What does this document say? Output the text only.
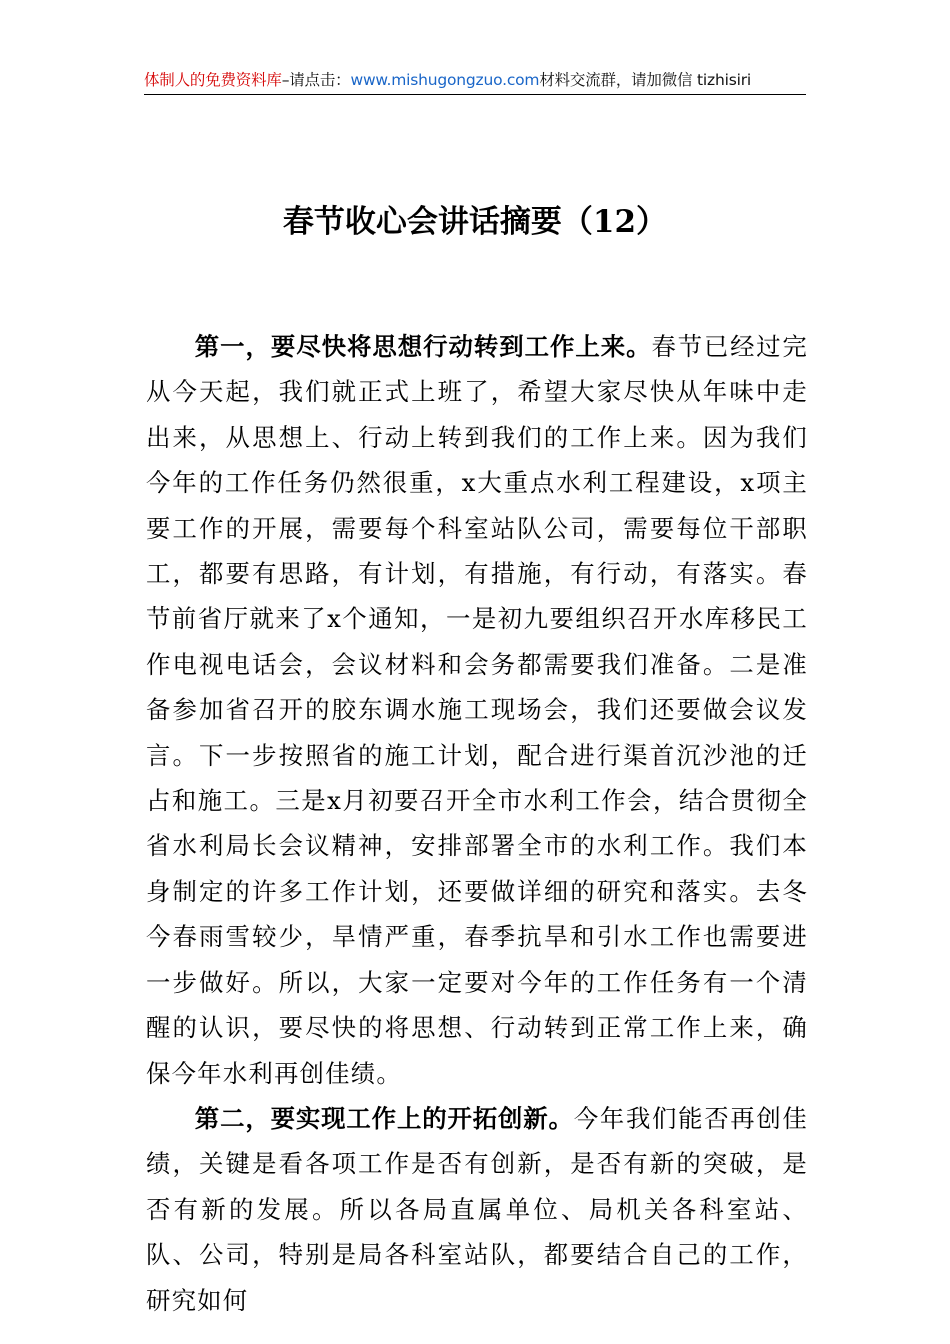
体制人的免费资料库–请点击：www.mishugongzuo.com材料交流群，请加微信 tizhisiri
春节收心会讲话摘要（12）

第一，要尽快将思想行动转到工作上来。春节已经过完从今天起，我们就正式上班了，希望大家尽快从年味中走出来，从思想上、行动上转到我们的工作上来。因为我们今年的工作任务仍然很重，x大重点水利工程建设，x项主要工作的开展，需要每个科室站队公司，需要每位干部职工，都要有思路，有计划，有措施，有行动，有落实。春节前省厅就来了x个通知，一是初九要组织召开水库移民工作电视电话会，会议材料和会务都需要我们准备。二是准备参加省召开的胶东调水施工现场会，我们还要做会议发言。下一步按照省的施工计划，配合进行渠首沉沙池的迁占和施工。三是x月初要召开全市水利工作会，结合贯彻全省水利局长会议精神，安排部署全市的水利工作。我们本身制定的许多工作计划，还要做详细的研究和落实。去冬今春雨雪较少，旱情严重，春季抗旱和引水工作也需要进一步做好。所以，大家一定要对今年的工作任务有一个清醒的认识，要尽快的将思想、行动转到正常工作上来，确保今年水利再创佳绩。

第二，要实现工作上的开拓创新。今年我们能否再创佳绩，关键是看各项工作是否有创新，是否有新的突破，是否有新的发展。所以各局直属单位、局机关各科室站、队、公司，特别是局各科室站队，都要结合自己的工作，研究如何
